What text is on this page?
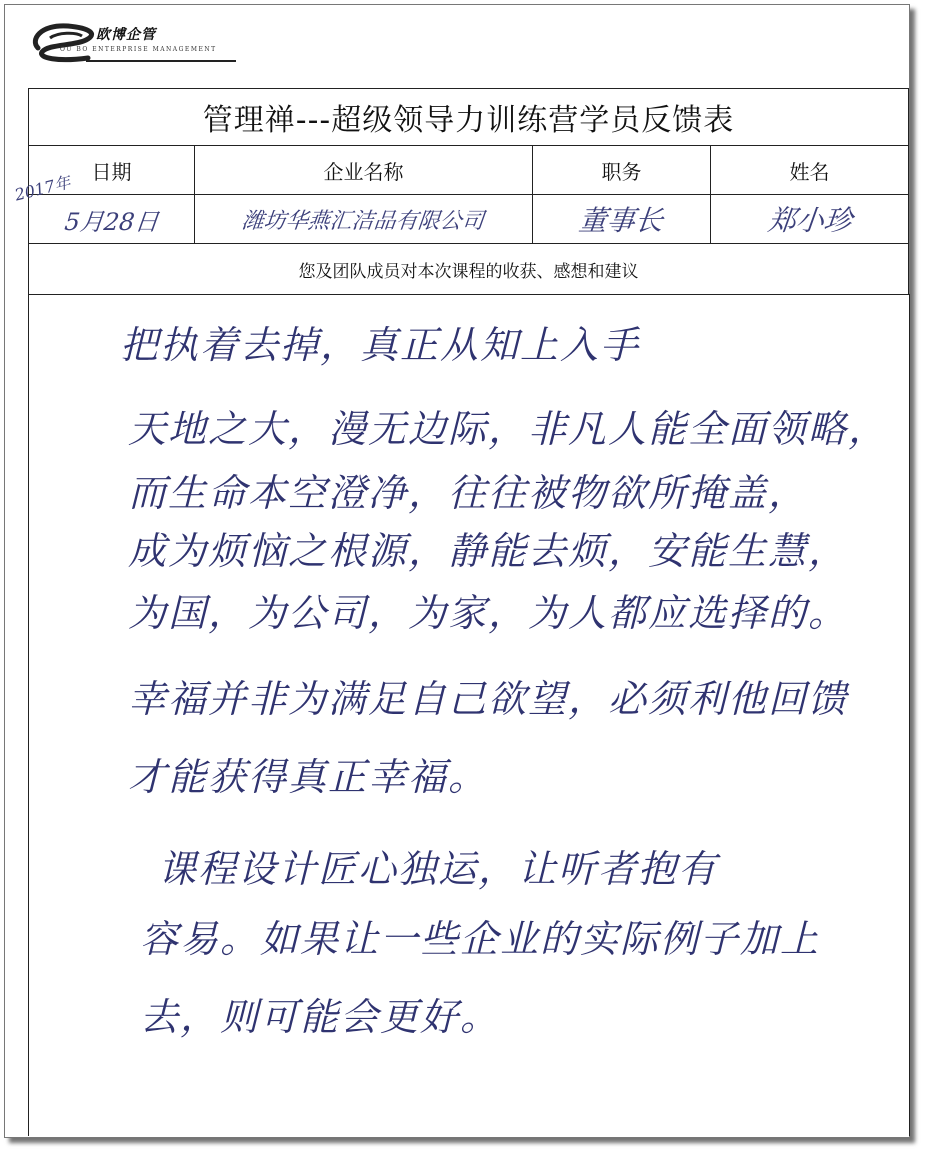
欧博企管
OU BO ENTERPRISE MANAGEMENT
管理禅---超级领导力训练营学员反馈表			
日期	企业名称	职务	姓名
5月28日	潍坊华燕汇洁品有限公司	董事长	郑小珍
您及团队成员对本次课程的收获、感想和建议			
2017年
把执着去掉，真正从知上入手
天地之大，漫无边际，非凡人能全面领略，
而生命本空澄净，往往被物欲所掩盖，
成为烦恼之根源，静能去烦，安能生慧，
为国，为公司，为家，为人都应选择的。
幸福并非为满足自己欲望，必须利他回馈
才能获得真正幸福。
课程设计匠心独运，让听者抱有
容易。如果让一些企业的实际例子加上
去，则可能会更好。
